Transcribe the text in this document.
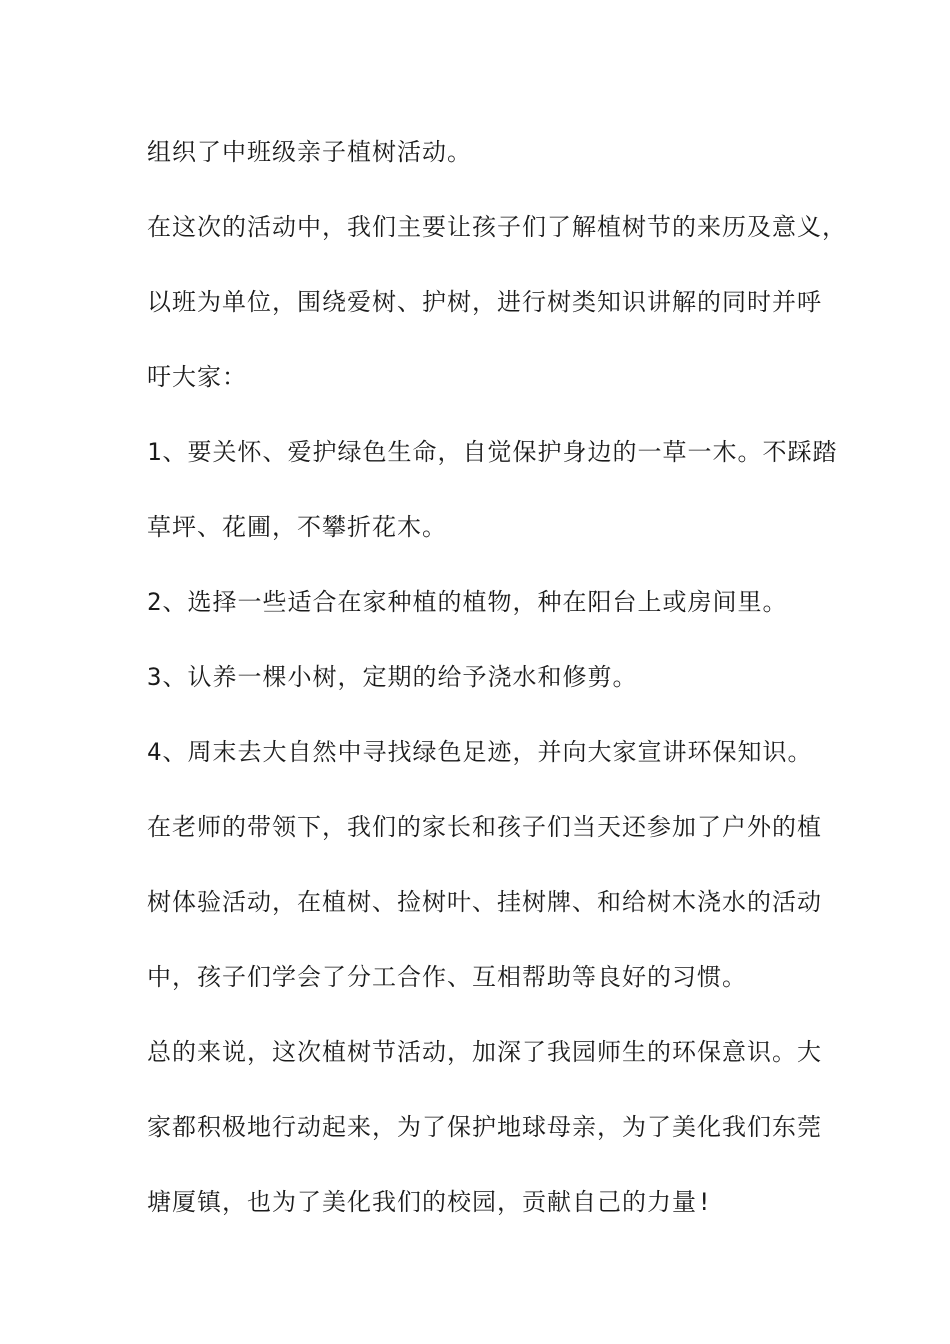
组织了中班级亲子植树活动。
在这次的活动中，我们主要让孩子们了解植树节的来历及意义，
以班为单位，围绕爱树、护树，进行树类知识讲解的同时并呼
吁大家：
1、要关怀、爱护绿色生命，自觉保护身边的一草一木。不踩踏
草坪、花圃，不攀折花木。
2、选择一些适合在家种植的植物，种在阳台上或房间里。
3、认养一棵小树，定期的给予浇水和修剪。
4、周末去大自然中寻找绿色足迹，并向大家宣讲环保知识。
在老师的带领下，我们的家长和孩子们当天还参加了户外的植
树体验活动，在植树、捡树叶、挂树牌、和给树木浇水的活动
中，孩子们学会了分工合作、互相帮助等良好的习惯。
总的来说，这次植树节活动，加深了我园师生的环保意识。大
家都积极地行动起来，为了保护地球母亲，为了美化我们东莞
塘厦镇，也为了美化我们的校园，贡献自己的力量!
